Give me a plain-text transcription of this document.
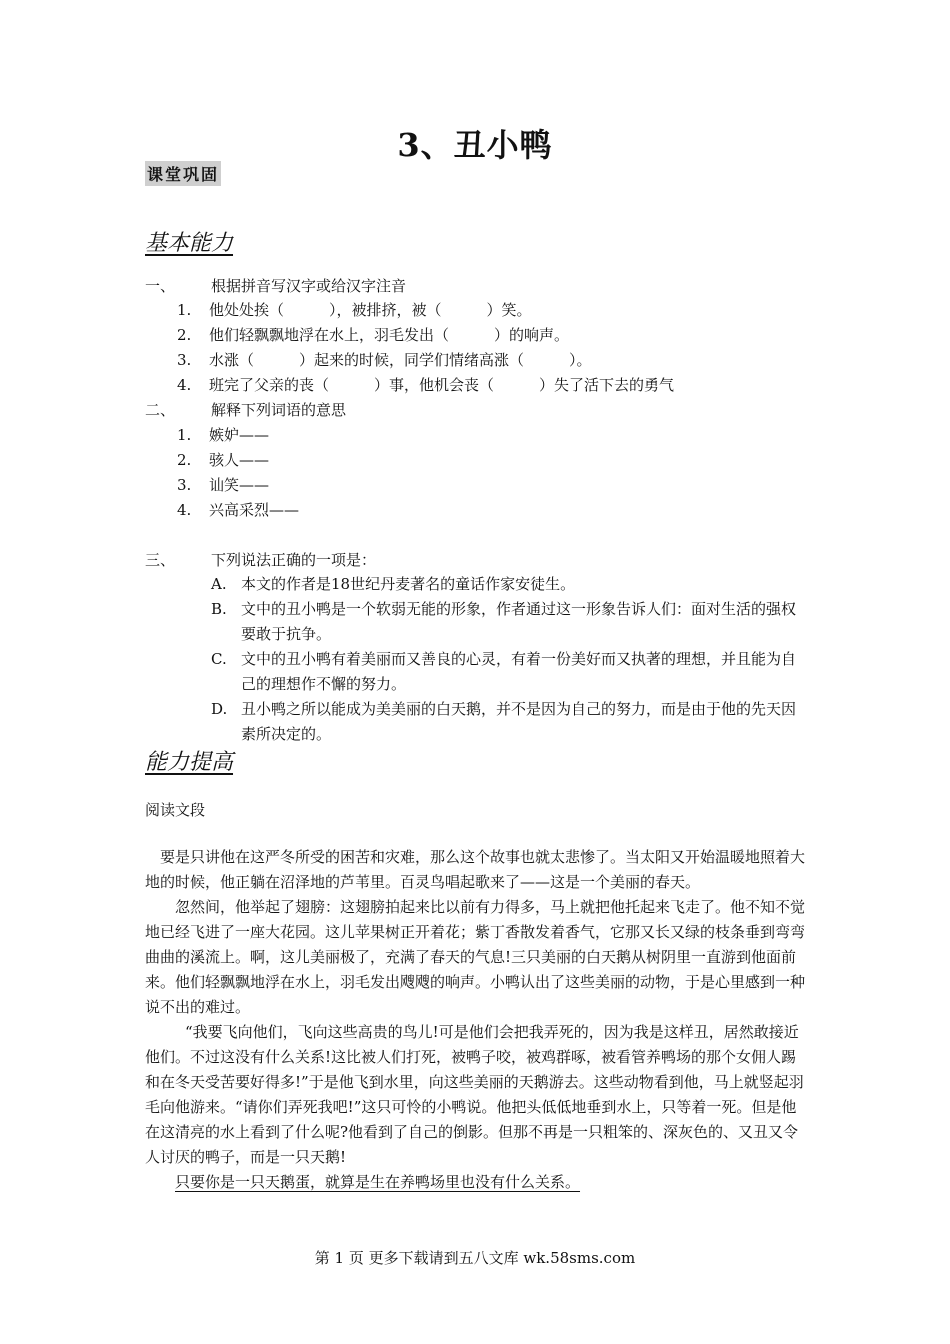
3、丑小鸭
课堂巩固
基本能力
一、 根据拼音写汉字或给汉字注音
1. 他处处挨（　　　），被排挤，被（　　　）笑。
2. 他们轻飘飘地浮在水上，羽毛发出（　　　）的响声。
3. 水涨（　　　）起来的时候，同学们情绪高涨（　　　）。
4. 班完了父亲的丧（　　　）事，他机会丧（　　　）失了活下去的勇气
二、 解释下列词语的意思
1. 嫉妒——
2. 骇人——
3. 讪笑——
4. 兴高采烈——
三、 下列说法正确的一项是：
A. 本文的作者是18世纪丹麦著名的童话作家安徒生。
B. 文中的丑小鸭是一个软弱无能的形象，作者通过这一形象告诉人们：面对生活的强权要敢于抗争。
C. 文中的丑小鸭有着美丽而又善良的心灵，有着一份美好而又执著的理想，并且能为自己的理想作不懈的努力。
D. 丑小鸭之所以能成为美美丽的白天鹅，并不是因为自己的努力，而是由于他的先天因素所决定的。
能力提高
阅读文段

要是只讲他在这严冬所受的困苦和灾难，那么这个故事也就太悲惨了。当太阳又开始温暖地照着大地的时候，他正躺在沼泽地的芦苇里。百灵鸟唱起歌来了——这是一个美丽的春天。

忽然间，他举起了翅膀：这翅膀拍起来比以前有力得多，马上就把他托起来飞走了。他不知不觉地已经飞进了一座大花园。这儿苹果树正开着花；紫丁香散发着香气，它那又长又绿的枝条垂到弯弯曲曲的溪流上。啊，这儿美丽极了，充满了春天的气息!三只美丽的白天鹅从树阴里一直游到他面前来。他们轻飘飘地浮在水上，羽毛发出飕飕的响声。小鸭认出了这些美丽的动物，于是心里感到一种说不出的难过。

“我要飞向他们，飞向这些高贵的鸟儿!可是他们会把我弄死的，因为我是这样丑，居然敢接近他们。不过这没有什么关系!这比被人们打死，被鸭子咬，被鸡群啄，被看管养鸭场的那个女佣人踢和在冬天受苦要好得多!”于是他飞到水里，向这些美丽的天鹅游去。这些动物看到他，马上就竖起羽毛向他游来。“请你们弄死我吧!”这只可怜的小鸭说。他把头低低地垂到水上，只等着一死。但是他在这清亮的水上看到了什么呢?他看到了自己的倒影。但那不再是一只粗笨的、深灰色的、又丑又令人讨厌的鸭子，而是一只天鹅!

只要你是一只天鹅蛋，就算是生在养鸭场里也没有什么关系。

第 1 页 更多下载请到五八文库 wk.58sms.com
